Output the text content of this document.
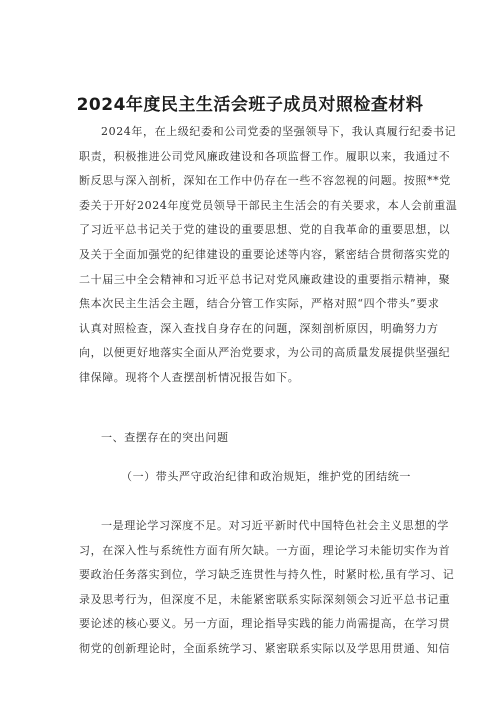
2024年度民主生活会班子成员对照检查材料
2024年，在上级纪委和公司党委的坚强领导下，我认真履行纪委书记
职责，积极推进公司党风廉政建设和各项监督工作。履职以来，我通过不
断反思与深入剖析，深知在工作中仍存在一些不容忽视的问题。按照**党
委关于开好2024年度党员领导干部民主生活会的有关要求，本人会前重温
了习近平总书记关于党的建设的重要思想、党的自我革命的重要思想，以
及关于全面加强党的纪律建设的重要论述等内容，紧密结合贯彻落实党的
二十届三中全会精神和习近平总书记对党风廉政建设的重要指示精神，聚
焦本次民主生活会主题，结合分管工作实际，严格对照“四个带头”要求
认真对照检查，深入查找自身存在的问题，深刻剖析原因，明确努力方
向，以便更好地落实全面从严治党要求，为公司的高质量发展提供坚强纪
律保障。现将个人查摆剖析情况报告如下。
一、查摆存在的突出问题
（一）带头严守政治纪律和政治规矩，维护党的团结统一
一是理论学习深度不足。对习近平新时代中国特色社会主义思想的学
习，在深入性与系统性方面有所欠缺。一方面，理论学习未能切实作为首
要政治任务落实到位，学习缺乏连贯性与持久性，时紧时松,虽有学习、记
录及思考行为，但深度不足，未能紧密联系实际深刻领会习近平总书记重
要论述的核心要义。另一方面，理论指导实践的能力尚需提高，在学习贯
彻党的创新理论时，全面系统学习、紧密联系实际以及学思用贯通、知信
